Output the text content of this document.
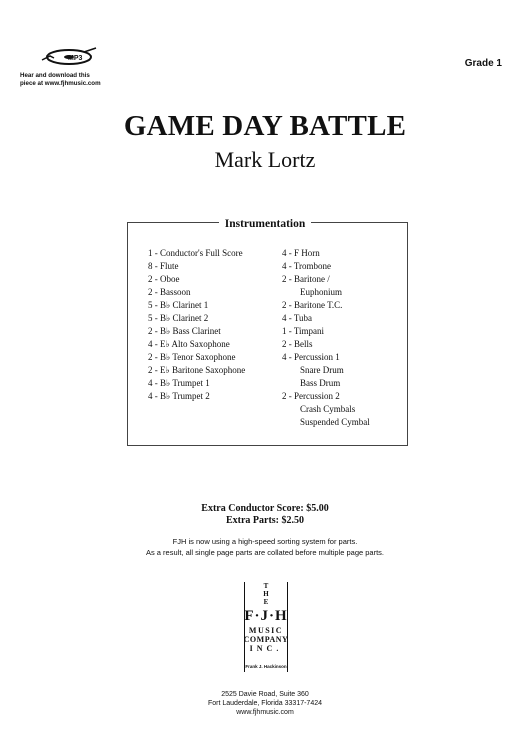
MP3
Hear and download this
piece at www.fjhmusic.com
Grade 1
GAME DAY BATTLE
Mark Lortz
Instrumentation
1 - Conductor's Full Score
8 - Flute
2 - Oboe
2 - Bassoon
5 - B♭ Clarinet 1
5 - B♭ Clarinet 2
2 - B♭ Bass Clarinet
4 - E♭ Alto Saxophone
2 - B♭ Tenor Saxophone
2 - E♭ Baritone Saxophone
4 - B♭ Trumpet 1
4 - B♭ Trumpet 2
4 - F Horn
4 - Trombone
2 - Baritone /
Euphonium
2 - Baritone T.C.
4 - Tuba
1 - Timpani
2 - Bells
4 - Percussion 1
Snare Drum
Bass Drum
2 - Percussion 2
Crash Cymbals
Suspended Cymbal
Extra Conductor Score: $5.00
Extra Parts: $2.50
FJH is now using a high-speed sorting system for parts.
As a result, all single page parts are collated before multiple page parts.
T
H
E
F·J·H
MUSIC
COMPANY
INC.
Frank J. Hackinson
2525 Davie Road, Suite 360
Fort Lauderdale, Florida 33317-7424
www.fjhmusic.com
